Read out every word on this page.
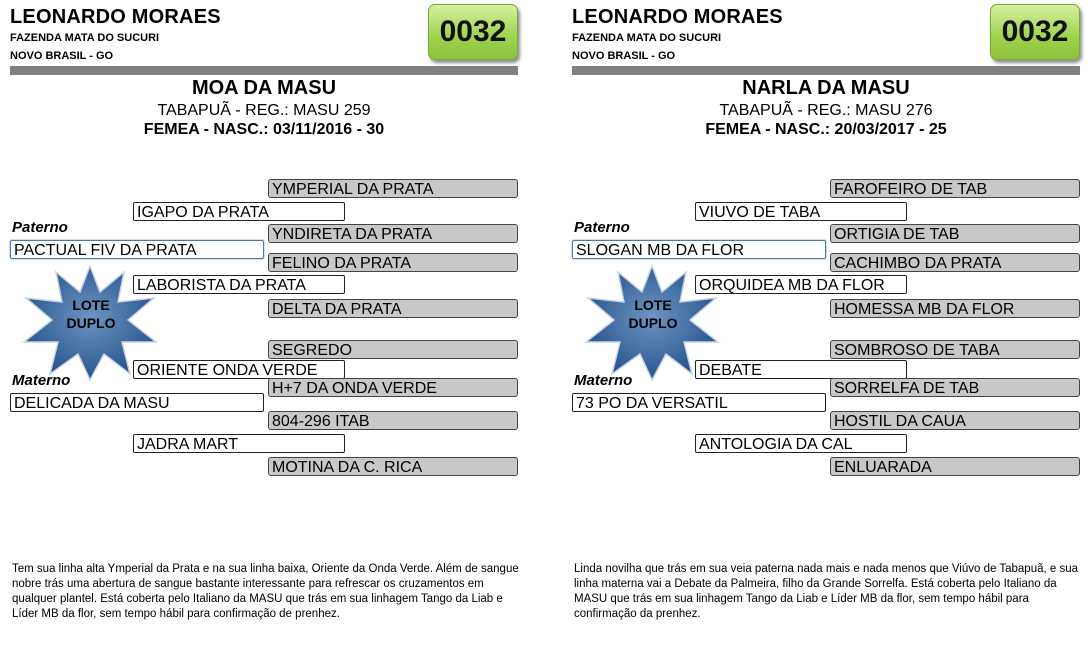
LEONARDO MORAES
FAZENDA MATA DO SUCURI
NOVO BRASIL - GO
0032
MOA DA MASU
TABAPUÃ - REG.: MASU 259
FEMEA - NASC.: 03/11/2016 - 30
YMPERIAL DA PRATA
IGAPO DA PRATA
Paterno	YNDIRETA DA PRATA
PACTUAL FIV DA PRATA
FELINO DA PRATA
LABORISTA DA PRATA
DELTA DA PRATA
SEGREDO
ORIENTE ONDA VERDE
Materno	H+7 DA ONDA VERDE
DELICADA DA MASU
804-296 ITAB
JADRA MART
MOTINA DA C. RICA
LOTE
DUPLO
Tem sua linha alta Ymperial da Prata e na sua linha baixa, Oriente da Onda Verde. Além de sangue nobre trás uma abertura de sangue bastante interessante para refrescar os cruzamentos em qualquer plantel. Está coberta pelo Italiano da MASU que trás em sua linhagem Tango da Liab e Líder MB da flor, sem tempo hábil para confirmação de prenhez.
LEONARDO MORAES
FAZENDA MATA DO SUCURI
NOVO BRASIL - GO
0032
NARLA DA MASU
TABAPUÃ - REG.: MASU 276
FEMEA - NASC.: 20/03/2017 - 25
FAROFEIRO DE TAB
VIUVO DE TABA
Paterno	ORTIGIA DE TAB
SLOGAN MB DA FLOR
CACHIMBO DA PRATA
ORQUIDEA MB DA FLOR
HOMESSA MB DA FLOR
SOMBROSO DE TABA
DEBATE
Materno	SORRELFA DE TAB
73 PO DA VERSATIL
HOSTIL DA CAUA
ANTOLOGIA DA CAL
ENLUARADA
LOTE
DUPLO
Linda novilha que trás em sua veia paterna nada mais e nada menos que Viúvo de Tabapuã, e sua linha materna vai a Debate da Palmeira, filho da Grande Sorrelfa. Está coberta pelo Italiano da MASU que trás em sua linhagem Tango da Liab e Líder MB da flor, sem tempo hábil para confirmação da prenhez.
